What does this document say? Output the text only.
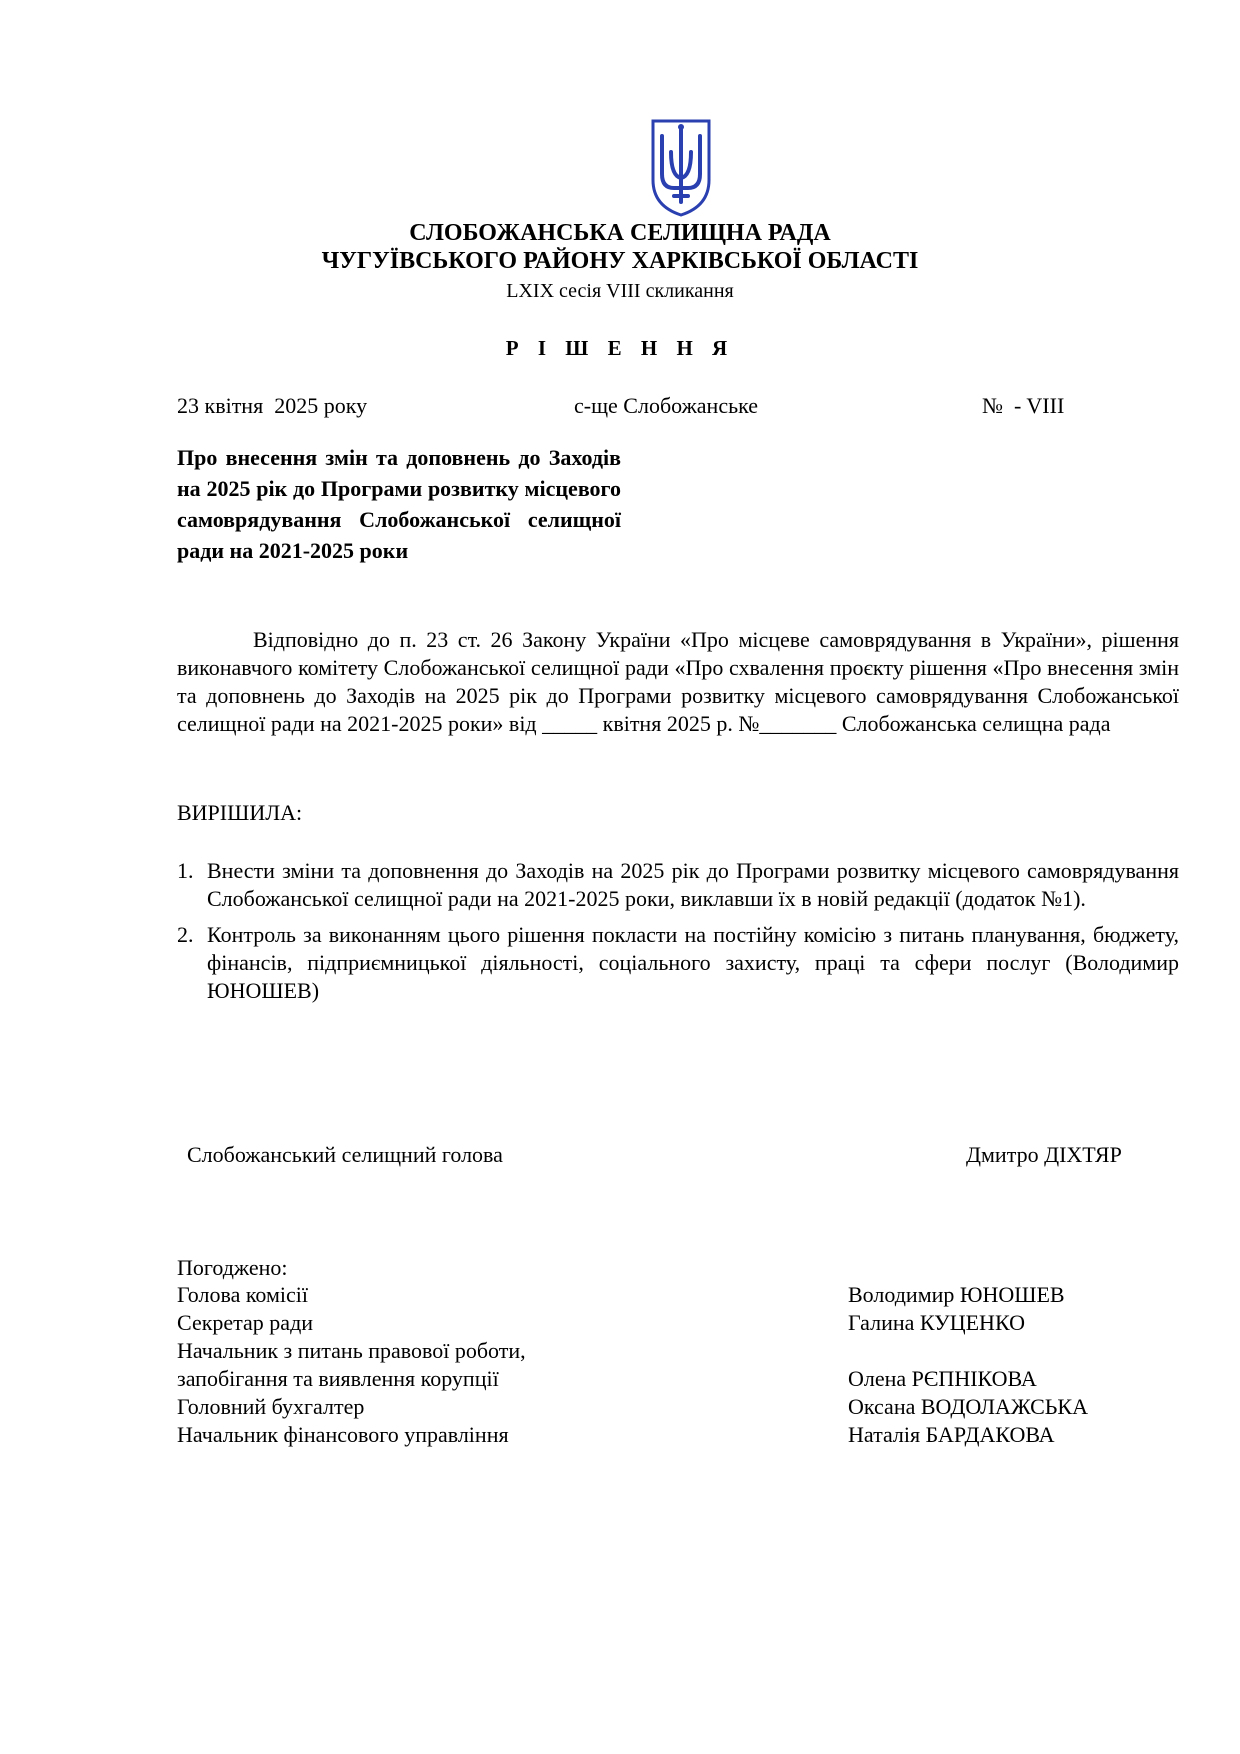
СЛОБОЖАНСЬКА СЕЛИЩНА РАДА
ЧУГУЇВСЬКОГО РАЙОНУ ХАРКІВСЬКОЇ ОБЛАСТІ
LXIX сесія VIII скликання
Р І Ш Е Н Н Я
23 квітня  2025 року	с-ще Слобожанське	№  - VIII
Про внесення змін та доповнень до Заходів на 2025 рік до Програми розвитку місцевого самоврядування Слобожанської селищної ради на 2021-2025 роки
Відповідно до п. 23 ст. 26 Закону України «Про місцеве самоврядування в України», рішення виконавчого комітету Слобожанської селищної ради «Про схвалення проєкту рішення «Про внесення змін та доповнень до Заходів на 2025 рік до Програми розвитку місцевого самоврядування Слобожанської селищної ради на 2021-2025 роки» від _____ квітня 2025 р. №_______ Слобожанська селищна рада
ВИРІШИЛА:
1. Внести зміни та доповнення до Заходів на 2025 рік до Програми розвитку місцевого самоврядування Слобожанської селищної ради на 2021-2025 роки, виклавши їх в новій редакції (додаток №1).
2. Контроль за виконанням цього рішення покласти на постійну комісію з питань планування, бюджету, фінансів, підприємницької діяльності, соціального захисту, праці та сфери послуг (Володимир ЮНОШЕВ)
Слобожанський селищний голова	Дмитро ДІХТЯР
Погоджено:
Голова комісії	Володимир ЮНОШЕВ
Секретар ради	Галина КУЦЕНКО
Начальник з питань правової роботи,
запобігання та виявлення корупції	Олена РЄПНІКОВА
Головний бухгалтер	Оксана ВОДОЛАЖСЬКА
Начальник фінансового управління	Наталія БАРДАКОВА
